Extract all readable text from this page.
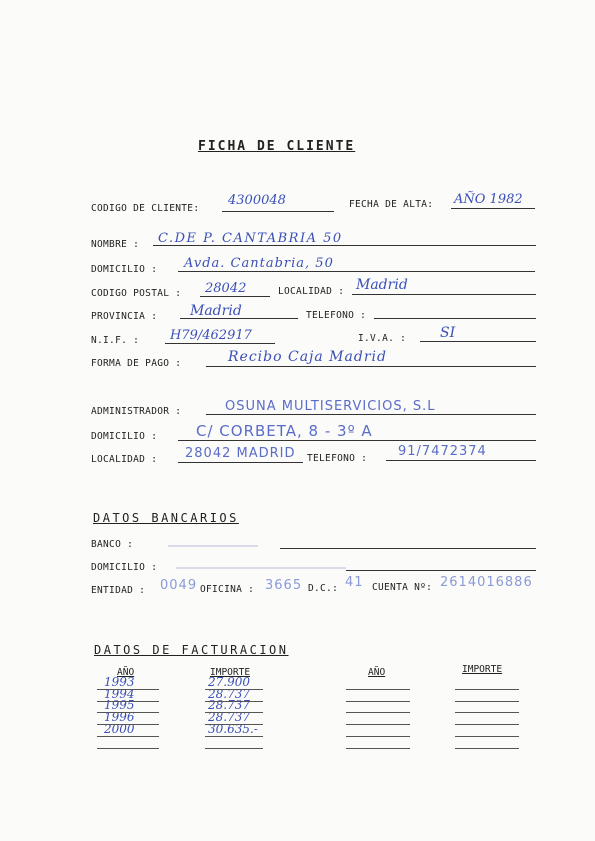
FICHA DE CLIENTE
CODIGO DE CLIENTE:
4300048	FECHA DE ALTA: AÑO 1982
NOMBRE : C.DE P. CANTABRIA 50
DOMICILIO : Avda. Cantabria, 50
CODIGO POSTAL : 28042	LOCALIDAD : Madrid
PROVINCIA : Madrid	TELEFONO :
N.I.F. : H79/462917	I.V.A. : SI
FORMA DE PAGO :	Recibo Caja Madrid
ADMINISTRADOR :	OSUNA MULTISERVICIOS, S.L
DOMICILIO :	C/ CORBETA, 8 - 3º A
LOCALIDAD : 28042 MADRID TELEFONO : 91/7472374
DATOS BANCARIOS
BANCO :
DOMICILIO :
ENTIDAD : 0049 OFICINA : 3665 D.C.: 41 CUENTA Nº: 2614016886
DATOS DE FACTURACION
AÑO	IMPORTE	AÑO	IMPORTE
1993	27.900
1994	28.737
1995	28.737
1996	28.737
2000	30.635.-
